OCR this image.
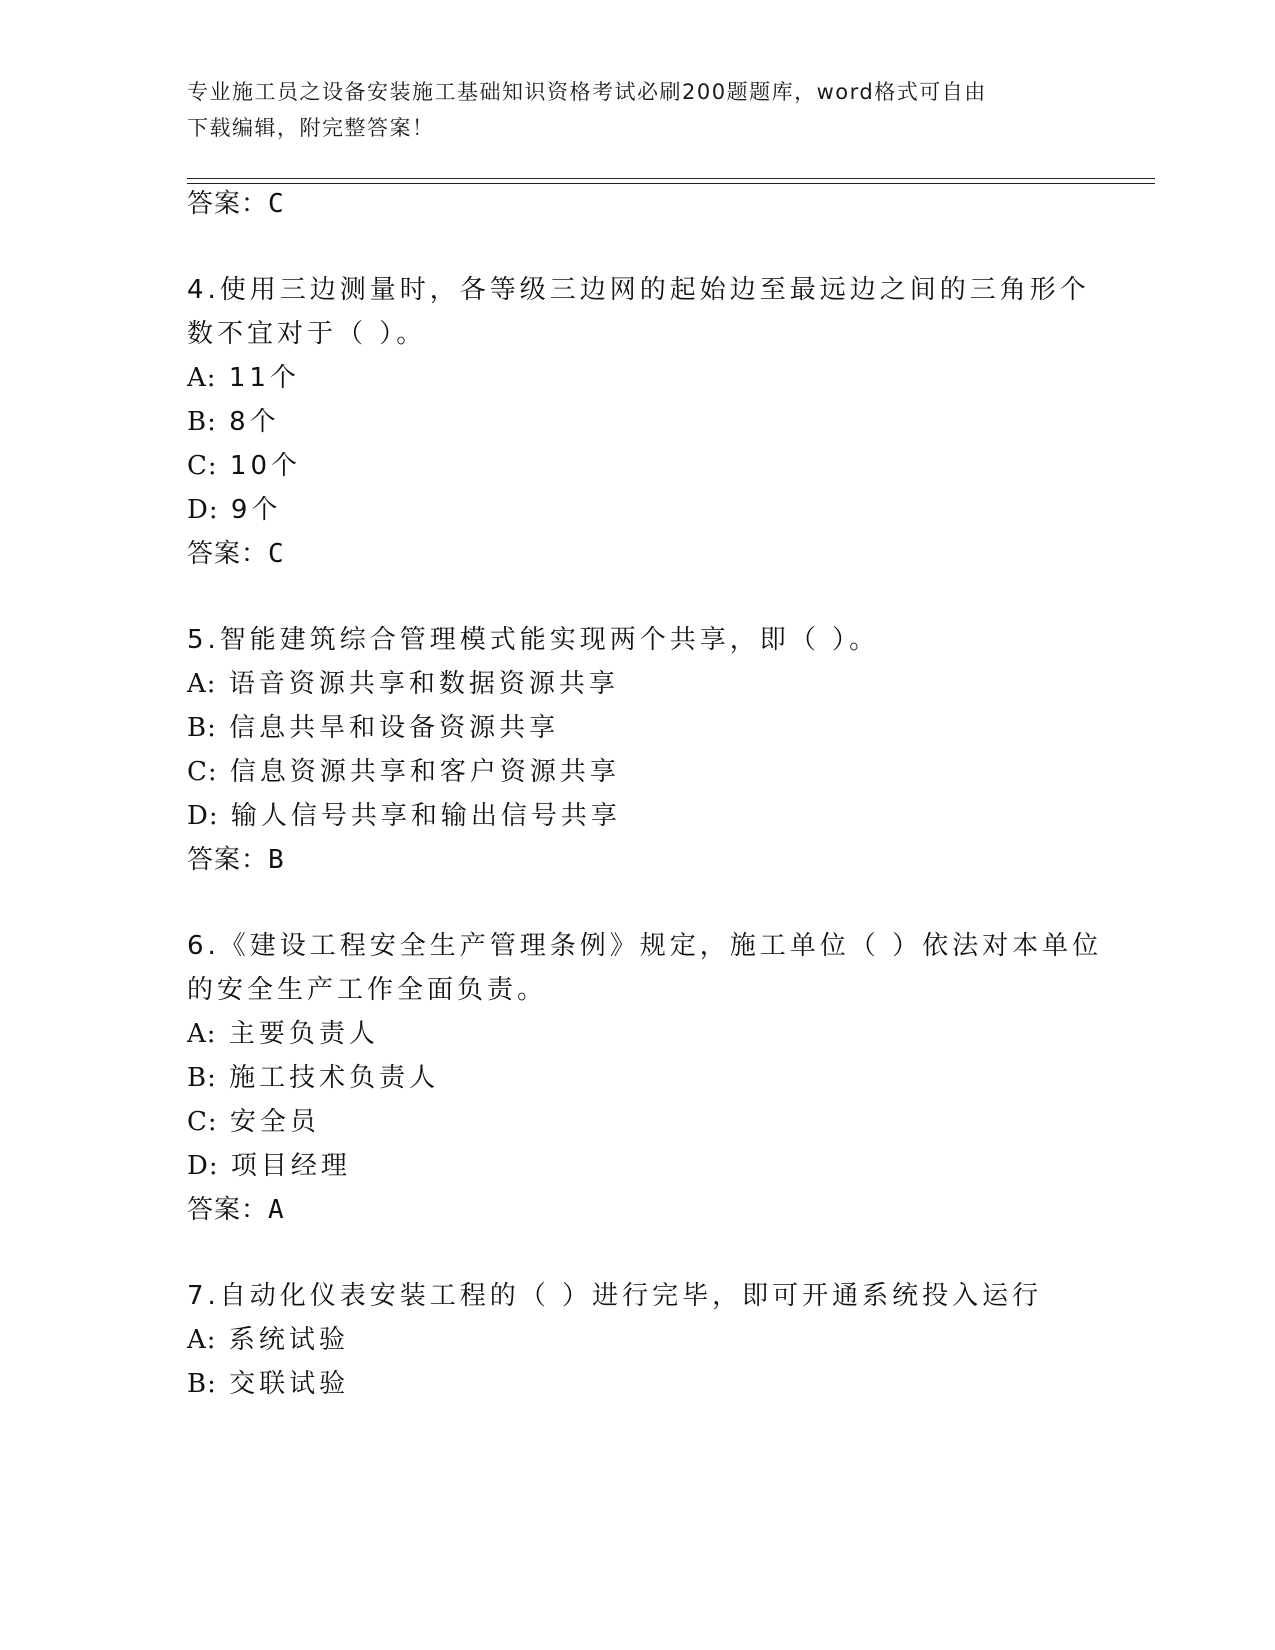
专业施工员之设备安装施工基础知识资格考试必刷200题题库，word格式可自由
下载编辑，附完整答案！
答案：C
4.使用三边测量时，各等级三边网的起始边至最远边之间的三角形个
数不宜对于（ ）。
A: 11个
B: 8个
C: 10个
D: 9个
答案：C
5.智能建筑综合管理模式能实现两个共享，即（ ）。
A: 语音资源共享和数据资源共享
B: 信息共旱和设备资源共享
C: 信息资源共享和客户资源共享
D: 输人信号共享和输出信号共享
答案：B
6.《建设工程安全生产管理条例》规定，施工单位（ ）依法对本单位
的安全生产工作全面负责。
A: 主要负责人
B: 施工技术负责人
C: 安全员
D: 项目经理
答案：A
7.自动化仪表安装工程的（ ）进行完毕，即可开通系统投入运行
A: 系统试验
B: 交联试验
